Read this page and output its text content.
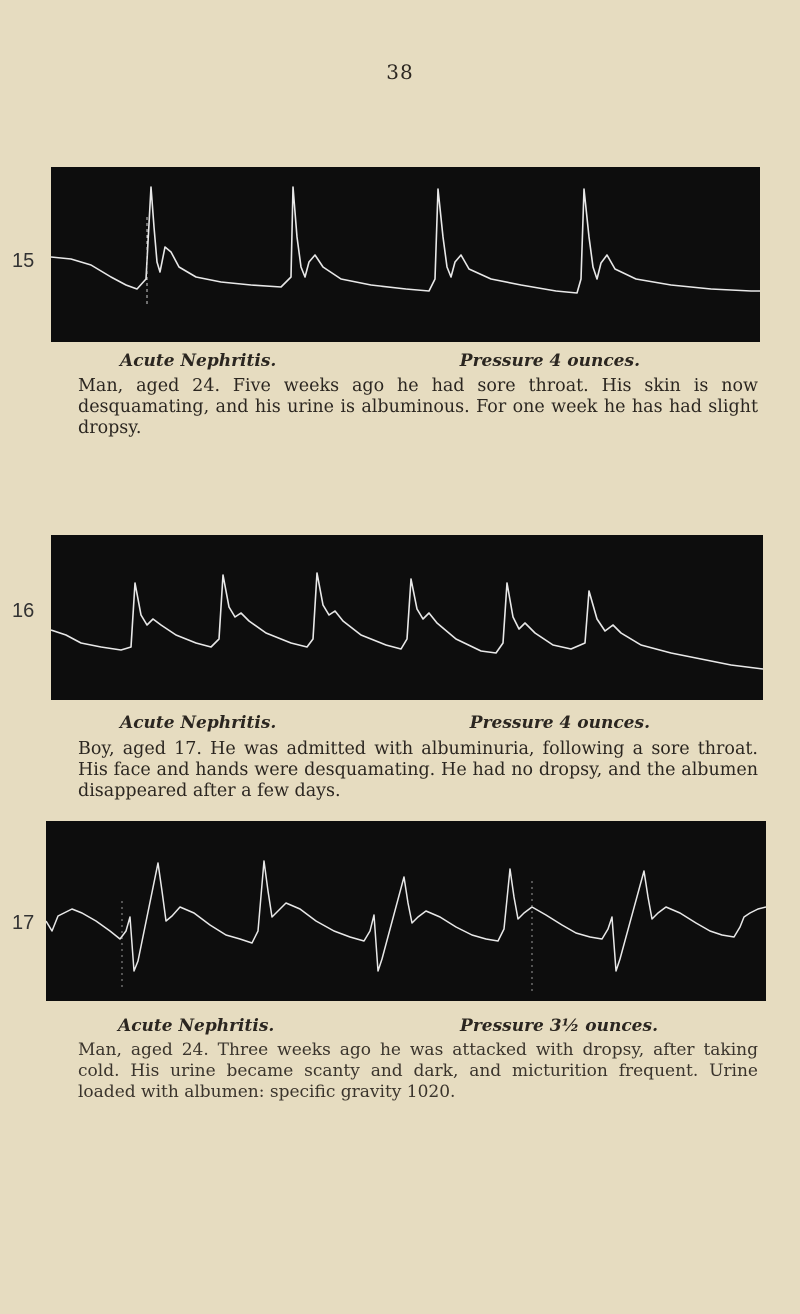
38
15
Acute Nephritis.	Pressure 4 ounces.
Man, aged 24. Five weeks ago he had sore throat. His skin is now desquamating, and his urine is albuminous. For one week he has had slight dropsy.
16
Acute Nephritis.	Pressure 4 ounces.
Boy, aged 17. He was admitted with albuminuria, following a sore throat. His face and hands were desquamating. He had no dropsy, and the albumen disappeared after a few days.
17
Acute Nephritis.	Pressure 3½ ounces.
Man, aged 24. Three weeks ago he was attacked with dropsy, after taking cold. His urine became scanty and dark, and micturition frequent. Urine loaded with albumen: specific gravity 1020.
